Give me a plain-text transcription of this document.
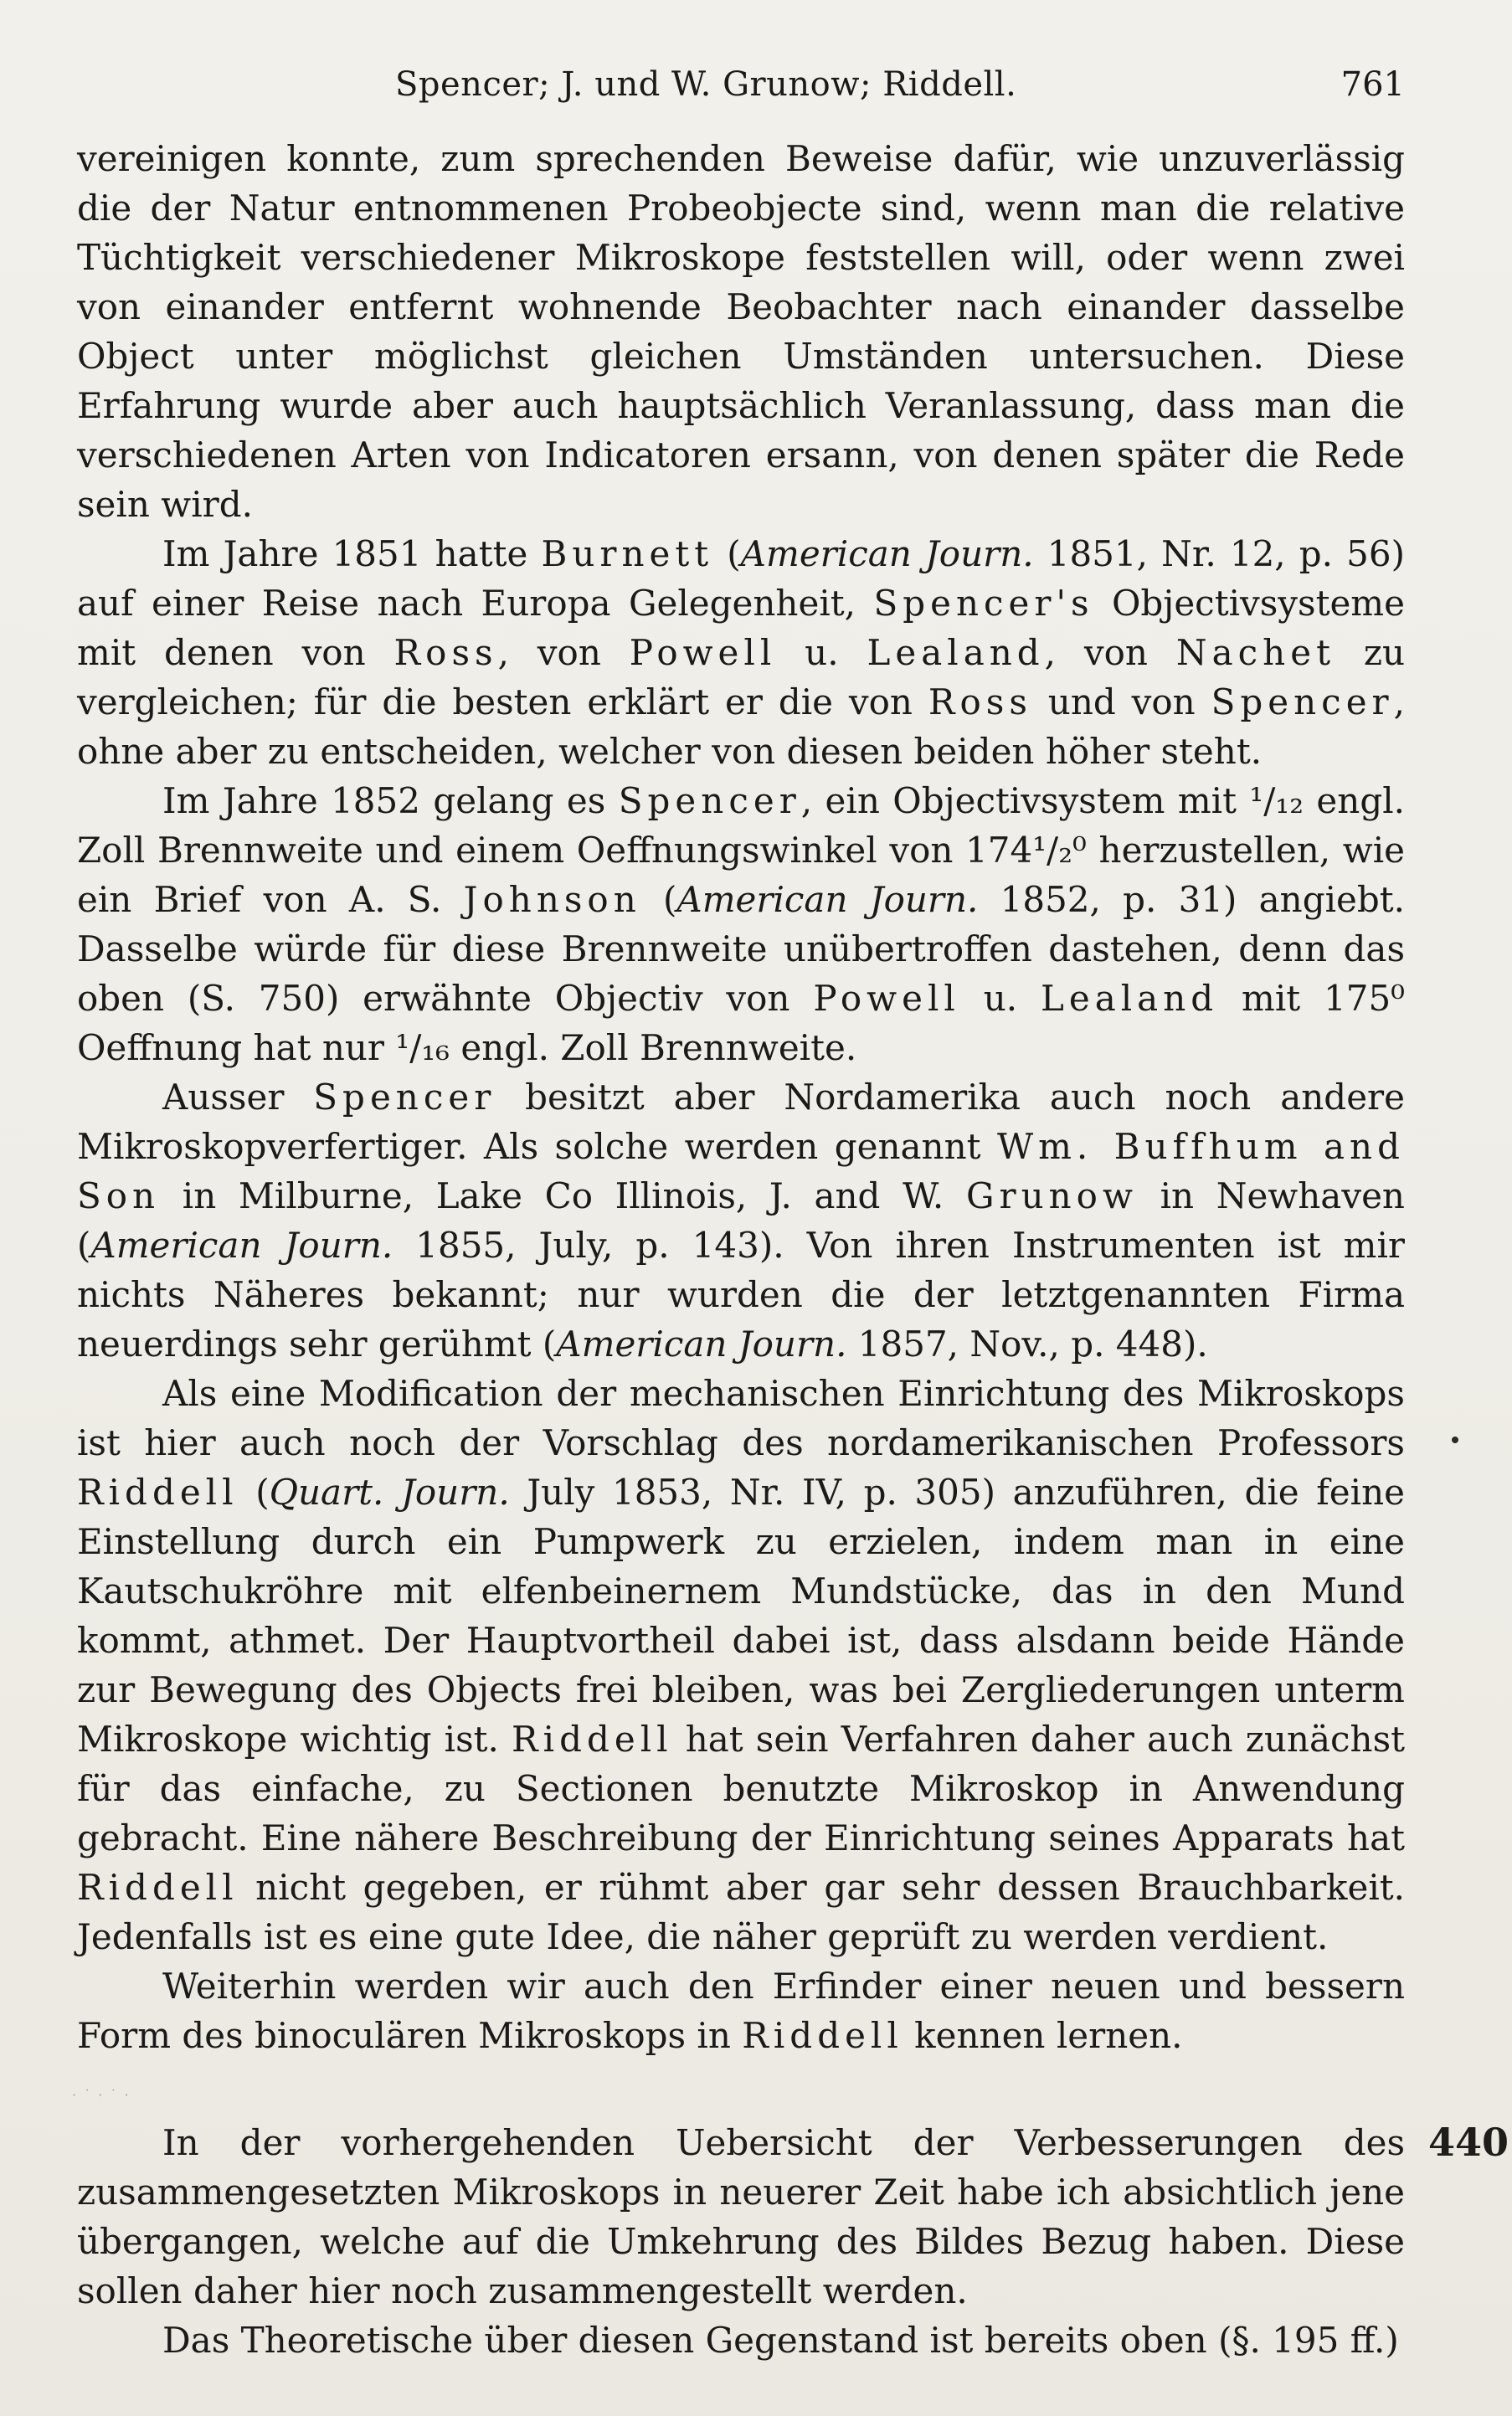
Spencer; J. und W. Grunow; Riddell.	761

vereinigen konnte, zum sprechenden Beweise dafür, wie unzuverlässig die der Natur entnommenen Probeobjecte sind, wenn man die relative Tüchtigkeit verschiedener Mikroskope feststellen will, oder wenn zwei von einander entfernt wohnende Beobachter nach einander dasselbe Object unter möglichst gleichen Umständen untersuchen. Diese Erfahrung wurde aber auch hauptsächlich Veranlassung, dass man die verschiedenen Arten von Indicatoren ersann, von denen später die Rede sein wird.

Im Jahre 1851 hatte Burnett (American Journ. 1851, Nr. 12, p. 56) auf einer Reise nach Europa Gelegenheit, Spencer's Objectivsysteme mit denen von Ross, von Powell u. Lealand, von Nachet zu vergleichen; für die besten erklärt er die von Ross und von Spencer, ohne aber zu entscheiden, welcher von diesen beiden höher steht.

Im Jahre 1852 gelang es Spencer, ein Objectivsystem mit ¹/₁₂ engl. Zoll Brennweite und einem Oeffnungswinkel von 174¹/₂⁰ herzustellen, wie ein Brief von A. S. Johnson (American Journ. 1852, p. 31) angiebt. Dasselbe würde für diese Brennweite unübertroffen dastehen, denn das oben (S. 750) erwähnte Objectiv von Powell u. Lealand mit 175⁰ Oeffnung hat nur ¹/₁₆ engl. Zoll Brennweite.

Ausser Spencer besitzt aber Nordamerika auch noch andere Mikroskopverfertiger. Als solche werden genannt Wm. Buffhum and Son in Milburne, Lake Co Illinois, J. and W. Grunow in Newhaven (American Journ. 1855, July, p. 143). Von ihren Instrumenten ist mir nichts Näheres bekannt; nur wurden die der letztgenannten Firma neuerdings sehr gerühmt (American Journ. 1857, Nov., p. 448).

Als eine Modification der mechanischen Einrichtung des Mikroskops ist hier auch noch der Vorschlag des nordamerikanischen Professors Riddell (Quart. Journ. July 1853, Nr. IV, p. 305) anzuführen, die feine Einstellung durch ein Pumpwerk zu erzielen, indem man in eine Kautschukröhre mit elfenbeinernem Mundstücke, das in den Mund kommt, athmet. Der Hauptvortheil dabei ist, dass alsdann beide Hände zur Bewegung des Objects frei bleiben, was bei Zergliederungen unterm Mikroskope wichtig ist. Riddell hat sein Verfahren daher auch zunächst für das einfache, zu Sectionen benutzte Mikroskop in Anwendung gebracht. Eine nähere Beschreibung der Einrichtung seines Apparats hat Riddell nicht gegeben, er rühmt aber gar sehr dessen Brauchbarkeit. Jedenfalls ist es eine gute Idee, die näher geprüft zu werden verdient.

Weiterhin werden wir auch den Erfinder einer neuen und bessern Form des binoculären Mikroskops in Riddell kennen lernen.

· ˙ · ˙ ·
440

In der vorhergehenden Uebersicht der Verbesserungen des zusammengesetzten Mikroskops in neuerer Zeit habe ich absichtlich jene übergangen, welche auf die Umkehrung des Bildes Bezug haben. Diese sollen daher hier noch zusammengestellt werden.

Das Theoretische über diesen Gegenstand ist bereits oben (§. 195 ff.)
